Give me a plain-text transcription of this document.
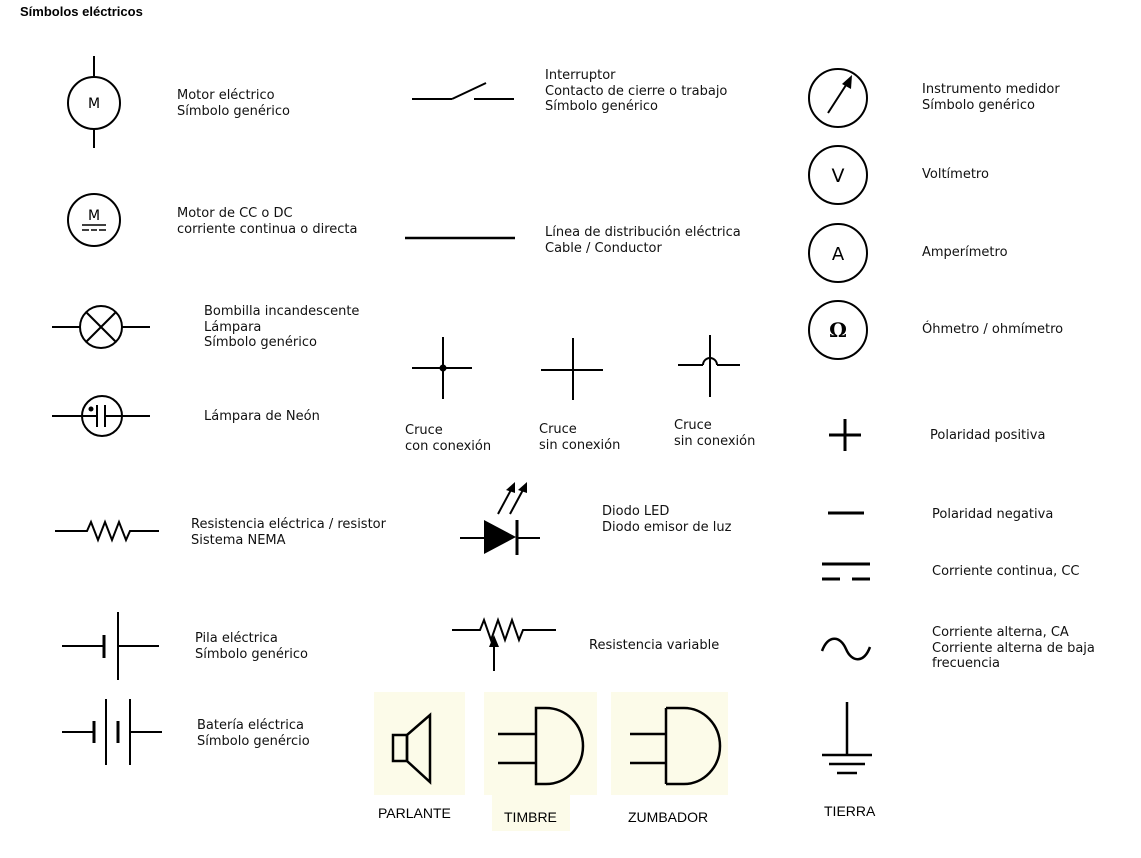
Símbolos eléctricos
M
Motor eléctrico
Símbolo genérico
M	Motor de CC o DC
corriente continua o directa
Bombilla incandescente
Lámpara
Símbolo genérico
Lámpara de Neón
Resistencia eléctrica / resistor
Sistema NEMA
Pila eléctrica
Símbolo genérico
Batería eléctrica
Símbolo genércio
Interruptor
Contacto de cierre o trabajo
Símbolo genérico
Línea de distribución eléctrica
Cable / Conductor
Cruce
con conexión
Cruce
sin conexión
Cruce
sin conexión
Diodo LED
Diodo emisor de luz
Resistencia variable
PARLANTE	TIMBRE	ZUMBADOR
Instrumento medidor
Símbolo genérico
V	Voltímetro
A	Amperímetro
Ω	Óhmetro / ohmímetro
Polaridad positiva
Polaridad negativa
Corriente continua, CC
Corriente alterna, CA
Corriente alterna de baja
frecuencia
TIERRA
